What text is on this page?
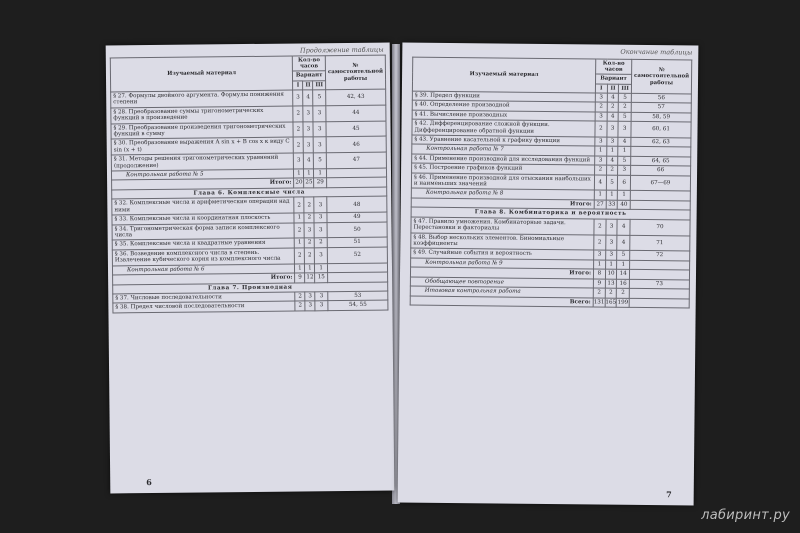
Продолжение таблицы
Изучаемый материал	Кол-во часов			№ самостоятельной работы
	Вариант			
	I	II	III	
§ 27. Формулы двойного аргумента. Формулы понижения степени	3	4	5	42, 43
§ 28. Преобразование суммы тригонометрических функций в произведение	2	3	3	44
§ 29. Преобразование произведения тригонометрических функций в сумму	2	3	3	45
§ 30. Преобразование выражения A sin x + B cos x к виду C sin (x + t)	2	3	3	46
§ 31. Методы решения тригонометрических уравнений (продолжение)	3	4	5	47
Контрольная работа № 5	1	1	1	
Итого:	20	25	29	
Глава 6. Комплексные числа				
§ 32. Комплексные числа и арифметические операции над ними	2	2	3	48
§ 33. Комплексные числа и координатная плоскость	1	2	3	49
§ 34. Тригонометрическая форма записи комплексного числа	2	3	3	50
§ 35. Комплексные числа и квадратные уравнения	1	2	2	51
§ 36. Возведение комплексного числа в степень. Извлечение кубического корня из комплексного числа	2	2	3	52
Контрольная работа № 6	1	1	1	
Итого:	9	12	15	
Глава 7. Производная				
§ 37. Числовые последовательности	2	3	3	53
§ 38. Предел числовой последовательности	2	3	3	54, 55
6
Окончание таблицы
Изучаемый материал	Кол-во часов			№ самостоятельной работы
	Вариант			
	I	II	III	
§ 39. Предел функции	3	4	5	56
§ 40. Определение производной	2	2	2	57
§ 41. Вычисление производных	3	4	5	58, 59
§ 42. Дифференцирование сложной функции. Дифференцирование обратной функции	2	3	3	60, 61
§ 43. Уравнение касательной к графику функции	3	3	4	62, 63
Контрольная работа № 7	1	1	1	
§ 44. Применение производной для исследования функций	3	4	5	64, 65
§ 45. Построение графиков функций	2	2	3	66
§ 46. Применение производной для отыскания наибольших и наименьших значений	4	5	6	67—69
Контрольная работа № 8	1	1	1	
Итого:	27	33	40	
Глава 8. Комбинаторика и вероятность				
§ 47. Правило умножения. Комбинаторные задачи. Перестановки и факториалы	2	3	4	70
§ 48. Выбор нескольких элементов. Биномиальные коэффициенты	2	3	4	71
§ 49. Случайные события и вероятность	3	3	5	72
Контрольная работа № 9	1	1	1	
Итого:	8	10	14	
Обобщающее повторение	9	13	16	73
Итоговая контрольная работа	2	2	2	
Всего:	131	165	199	
7
лабиринт.ру
